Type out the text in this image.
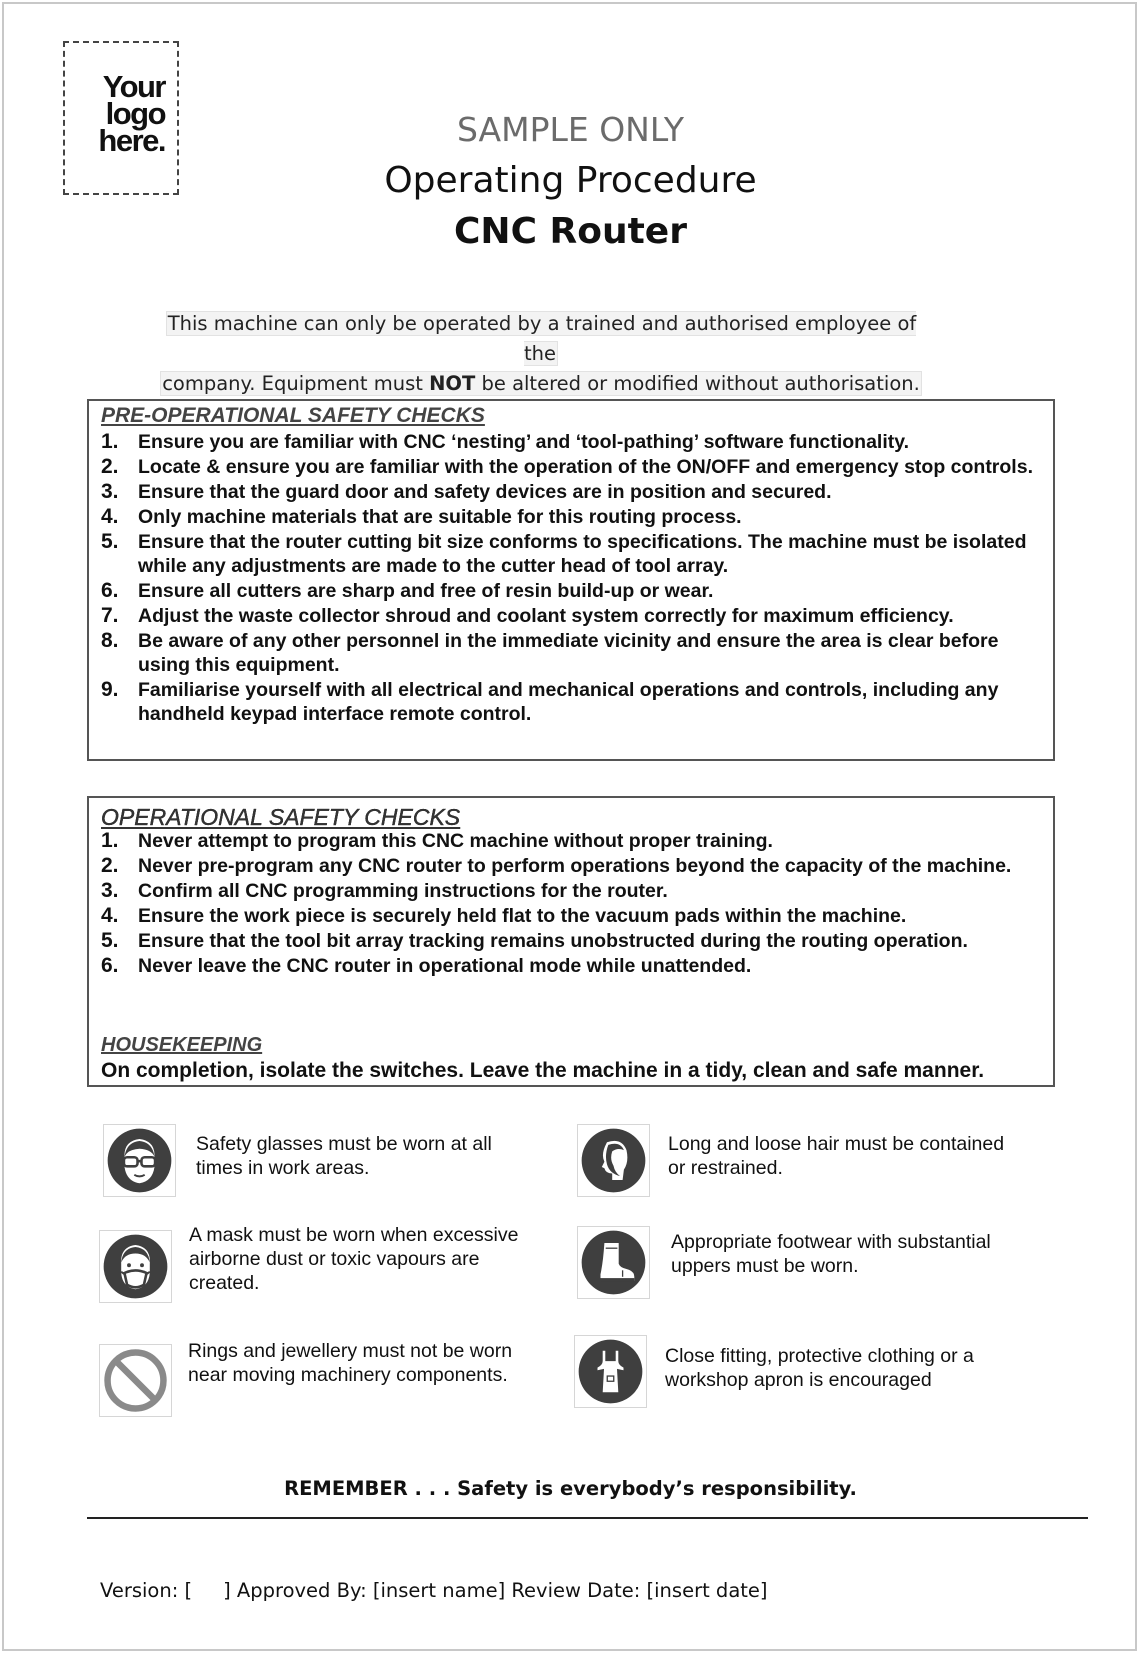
Your
logo
here.	SAMPLE ONLY
Operating Procedure
CNC Router
This machine can only be operated by a trained and authorised employee of the
company. Equipment must NOT be altered or modified without authorisation.
PRE-OPERATIONAL SAFETY CHECKS
1. Ensure you are familiar with CNC ‘nesting’ and ‘tool-pathing’ software functionality.
2. Locate & ensure you are familiar with the operation of the ON/OFF and emergency stop controls.
3. Ensure that the guard door and safety devices are in position and secured.
4. Only machine materials that are suitable for this routing process.
5. Ensure that the router cutting bit size conforms to specifications. The machine must be isolated while any adjustments are made to the cutter head of tool array.
6. Ensure all cutters are sharp and free of resin build-up or wear.
7. Adjust the waste collector shroud and coolant system correctly for maximum efficiency.
8. Be aware of any other personnel in the immediate vicinity and ensure the area is clear before using this equipment.
9. Familiarise yourself with all electrical and mechanical operations and controls, including any handheld keypad interface remote control.
OPERATIONAL SAFETY CHECKS
1. Never attempt to program this CNC machine without proper training.
2. Never pre-program any CNC router to perform operations beyond the capacity of the machine.
3. Confirm all CNC programming instructions for the router.
4. Ensure the work piece is securely held flat to the vacuum pads within the machine.
5. Ensure that the tool bit array tracking remains unobstructed during the routing operation.
6. Never leave the CNC router in operational mode while unattended.
HOUSEKEEPING
On completion, isolate the switches. Leave the machine in a tidy, clean and safe manner.
Safety glasses must be worn at all
times in work areas.
Long and loose hair must be contained
or restrained.
A mask must be worn when excessive
airborne dust or toxic vapours are
created.
Appropriate footwear with substantial
uppers must be worn.
Rings and jewellery must not be worn
near moving machinery components.
Close fitting, protective clothing or a
workshop apron is encouraged
REMEMBER . . . Safety is everybody’s responsibility.
Version: [     ] Approved By: [insert name] Review Date: [insert date]
